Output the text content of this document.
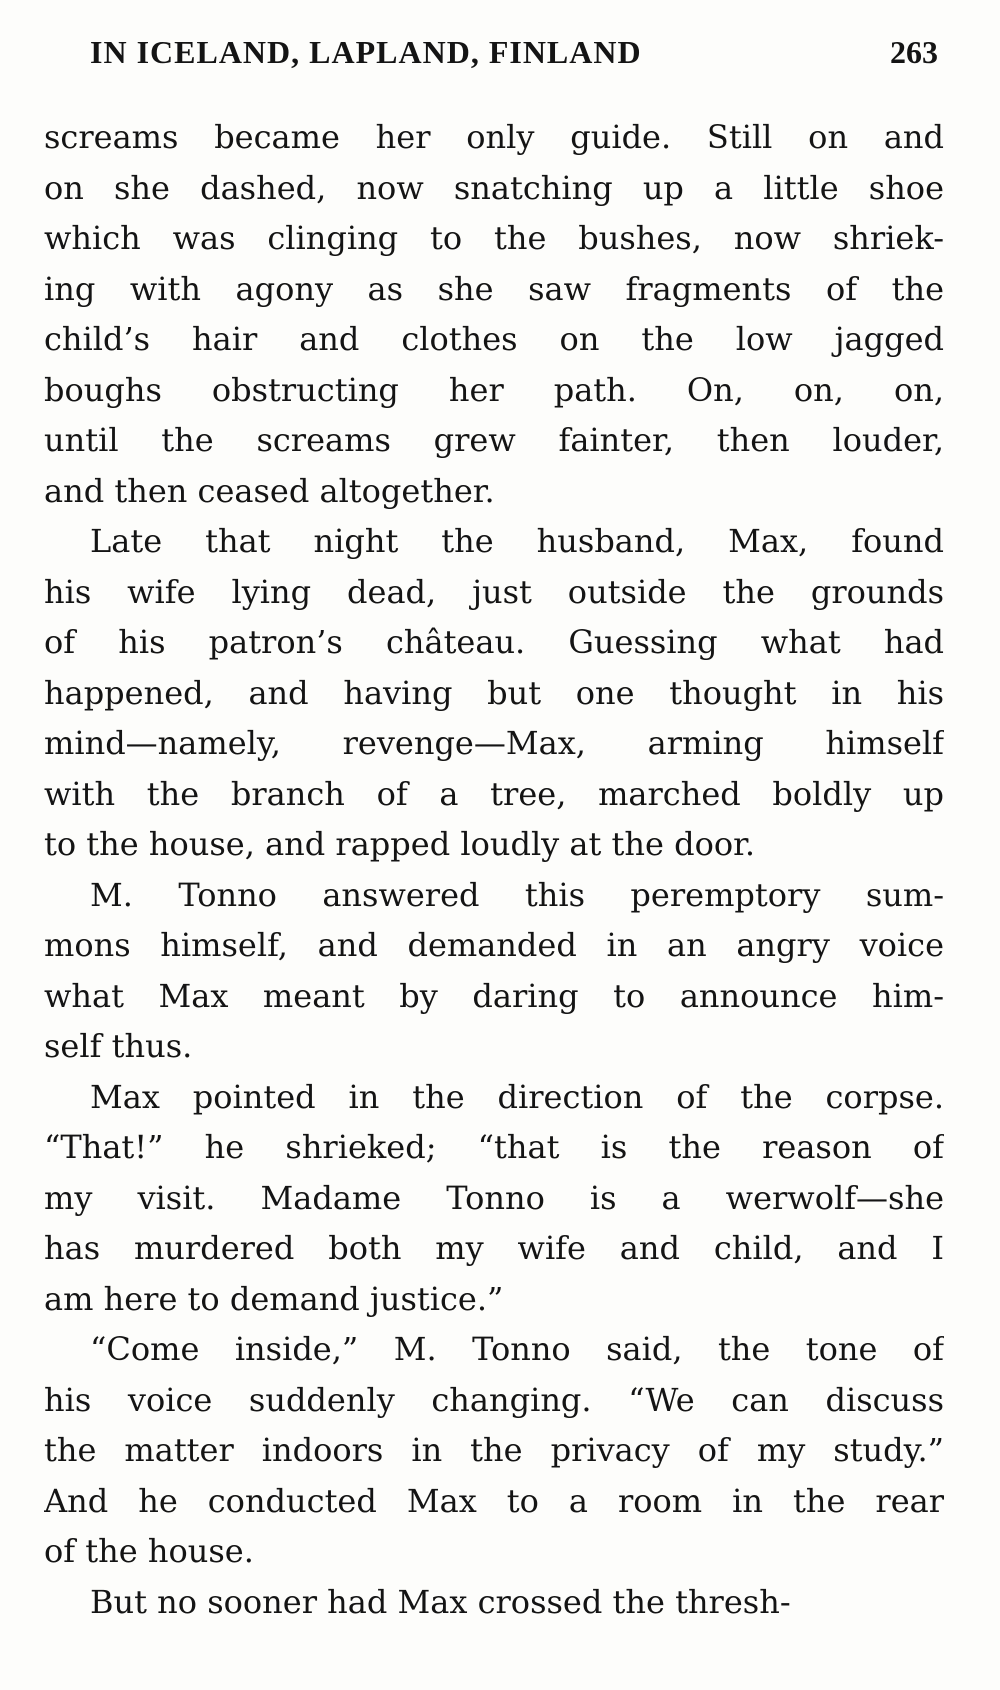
IN ICELAND, LAPLAND, FINLAND	263
screams became her only guide. Still on and
on she dashed, now snatching up a little shoe
which was clinging to the bushes, now shriek-
ing with agony as she saw fragments of the
child’s hair and clothes on the low jagged
boughs obstructing her path. On, on, on,
until the screams grew fainter, then louder,
and then ceased altogether.
Late that night the husband, Max, found
his wife lying dead, just outside the grounds
of his patron’s château. Guessing what had
happened, and having but one thought in his
mind—namely, revenge—Max, arming himself
with the branch of a tree, marched boldly up
to the house, and rapped loudly at the door.
M. Tonno answered this peremptory sum-
mons himself, and demanded in an angry voice
what Max meant by daring to announce him-
self thus.
Max pointed in the direction of the corpse.
“That!” he shrieked; “that is the reason of
my visit. Madame Tonno is a werwolf—she
has murdered both my wife and child, and I
am here to demand justice.”
“Come inside,” M. Tonno said, the tone of
his voice suddenly changing. “We can discuss
the matter indoors in the privacy of my study.”
And he conducted Max to a room in the rear
of the house.
But no sooner had Max crossed the thresh-
